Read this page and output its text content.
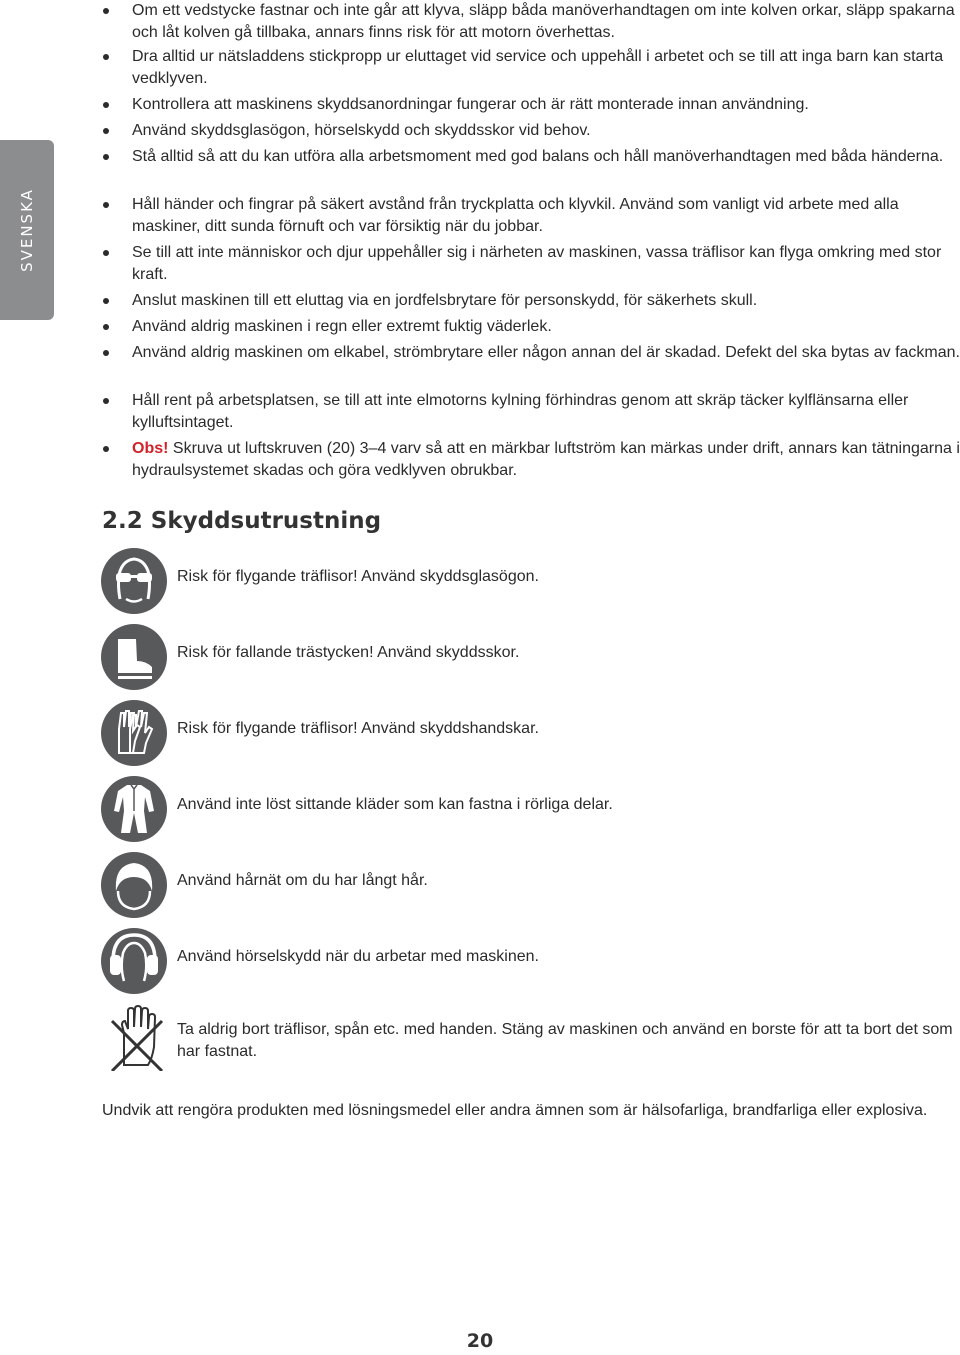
SVENSKA
Om ett vedstycke fastnar och inte går att klyva, släpp båda manöverhandtagen om inte kolven orkar, släpp spakarna och låt kolven gå tillbaka, annars finns risk för att motorn överhettas.
Dra alltid ur nätsladdens stickpropp ur eluttaget vid service och uppehåll i arbetet och se till att inga barn kan starta vedklyven.
Kontrollera att maskinens skyddsanordningar fungerar och är rätt monterade innan användning.
Använd skyddsglasögon, hörselskydd och skyddsskor vid behov.
Stå alltid så att du kan utföra alla arbetsmoment med god balans och håll manöverhandtagen med båda händerna.
Håll händer och fingrar på säkert avstånd från tryckplatta och klyvkil. Använd som vanligt vid arbete med alla maskiner, ditt sunda förnuft och var försiktig när du jobbar.
Se till att inte människor och djur uppehåller sig i närheten av maskinen, vassa träflisor kan flyga omkring med stor kraft.
Anslut maskinen till ett eluttag via en jordfelsbrytare för personskydd, för säkerhets skull.
Använd aldrig maskinen i regn eller extremt fuktig väderlek.
Använd aldrig maskinen om elkabel, strömbrytare eller någon annan del är skadad. Defekt del ska bytas av fackman.
Håll rent på arbetsplatsen, se till att inte elmotorns kylning förhindras genom att skräp täcker kylflänsarna eller kylluftsintaget.
Obs! Skruva ut luftskruven (20) 3–4 varv så att en märkbar luftström kan märkas under drift, annars kan tätningarna i hydraulsystemet skadas och göra vedklyven obrukbar.
2.2 Skyddsutrustning
Risk för flygande träflisor! Använd skyddsglasögon.
Risk för fallande trästycken! Använd skyddsskor.
Risk för flygande träflisor! Använd skyddshandskar.
Använd inte löst sittande kläder som kan fastna i rörliga delar.
Använd hårnät om du har långt hår.
Använd hörselskydd när du arbetar med maskinen.
Ta aldrig bort träflisor, spån etc. med handen. Stäng av maskinen och använd en borste för att ta bort det som har fastnat.
Undvik att rengöra produkten med lösningsmedel eller andra ämnen som är hälsofarliga, brandfarliga eller explosiva.
20
